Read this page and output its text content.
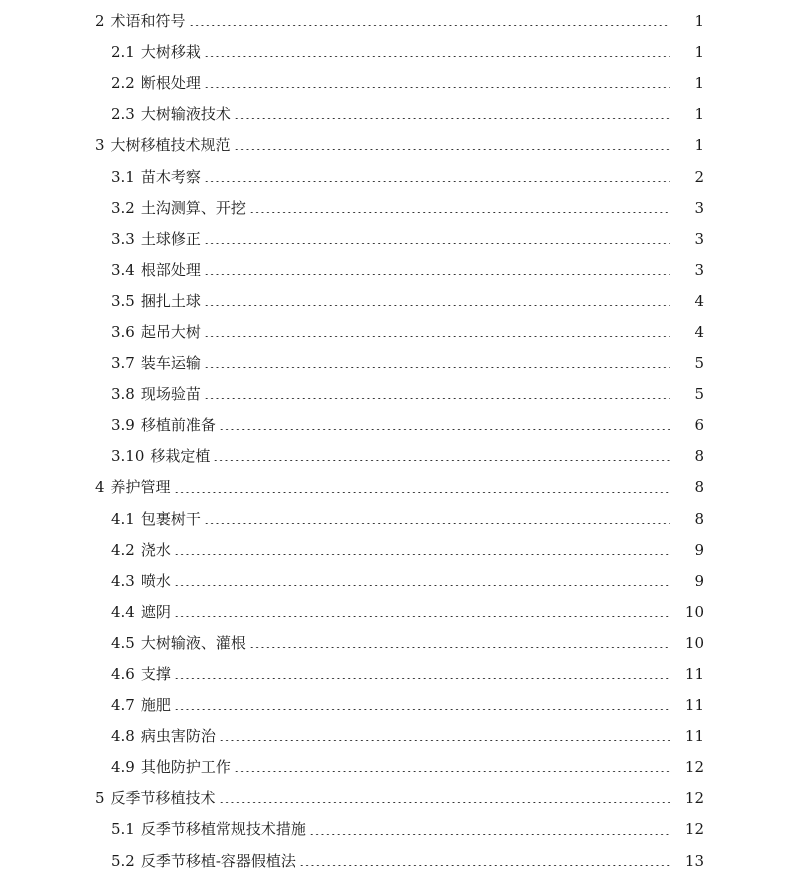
2 术语和符号	1
2.1 大树移栽	1
2.2 断根处理	1
2.3 大树输液技术	1
3 大树移植技术规范	1
3.1 苗木考察	2
3.2 土沟测算、开挖	3
3.3 土球修正	3
3.4 根部处理	3
3.5 捆扎土球	4
3.6 起吊大树	4
3.7 装车运输	5
3.8 现场验苗	5
3.9 移植前准备	6
3.10 移栽定植	8
4 养护管理	8
4.1 包裹树干	8
4.2 浇水	9
4.3 喷水	9
4.4 遮阴	10
4.5 大树输液、灌根	10
4.6 支撑	11
4.7 施肥	11
4.8 病虫害防治	11
4.9 其他防护工作	12
5 反季节移植技术	12
5.1 反季节移植常规技术措施	12
5.2 反季节移植-容器假植法	13
